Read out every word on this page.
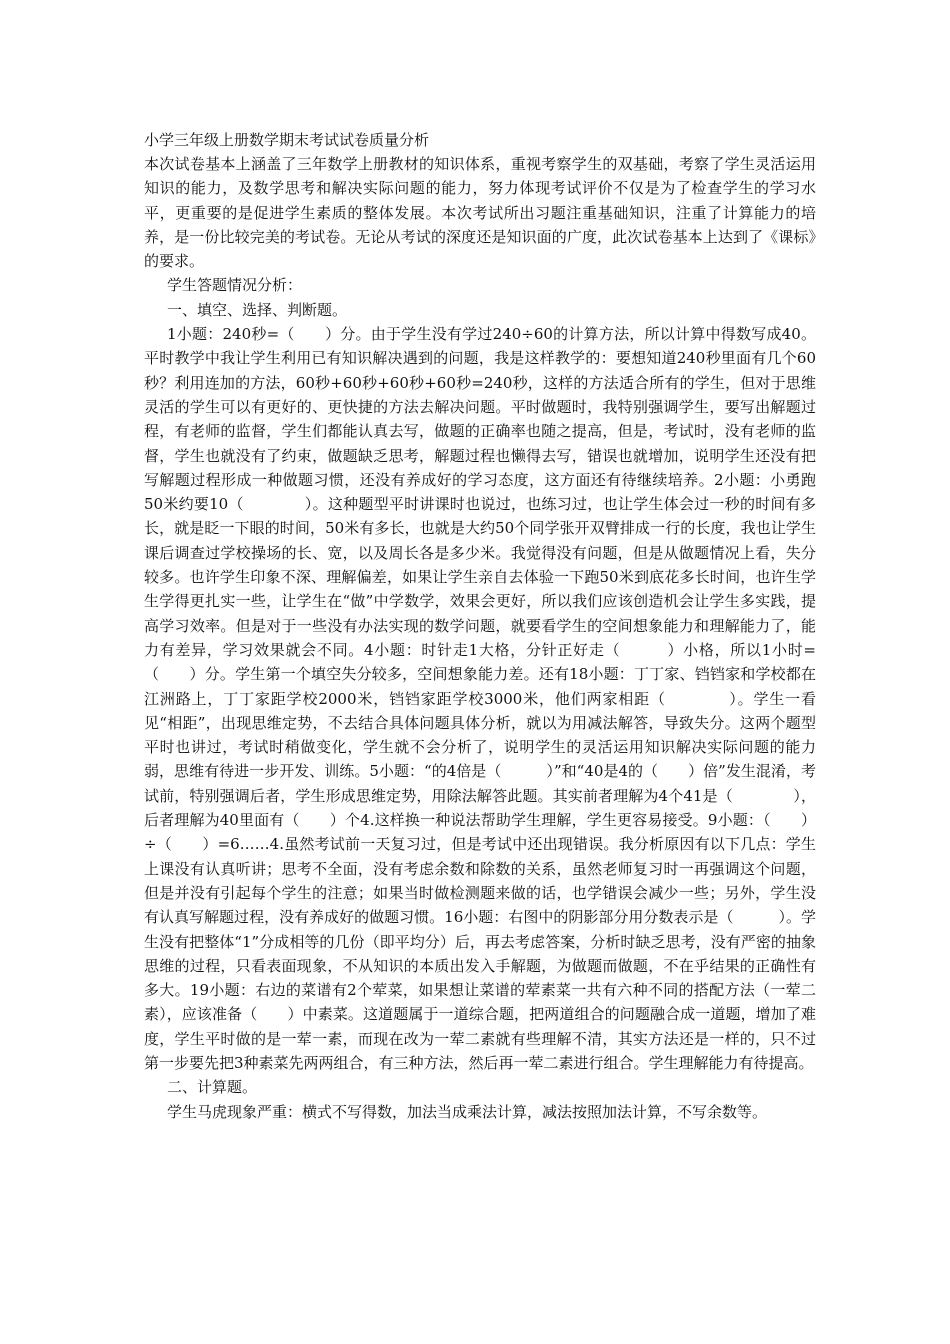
小学三年级上册数学期末考试试卷质量分析

本次试卷基本上涵盖了三年数学上册教材的知识体系，重视考察学生的双基础，考察了学生灵活运用知识的能力，及数学思考和解决实际问题的能力，努力体现考试评价不仅是为了检查学生的学习水平，更重要的是促进学生素质的整体发展。本次考试所出习题注重基础知识，注重了计算能力的培养，是一份比较完美的考试卷。无论从考试的深度还是知识面的广度，此次试卷基本上达到了《课标》的要求。

学生答题情况分析：

一、填空、选择、判断题。

1小题：240秒=（　　）分。由于学生没有学过240÷60的计算方法，所以计算中得数写成40。平时教学中我让学生利用已有知识解决遇到的问题，我是这样教学的：要想知道240秒里面有几个60秒？利用连加的方法，60秒+60秒+60秒+60秒=240秒，这样的方法适合所有的学生，但对于思维灵活的学生可以有更好的、更快捷的方法去解决问题。平时做题时，我特别强调学生，要写出解题过程，有老师的监督，学生们都能认真去写，做题的正确率也随之提高，但是，考试时，没有老师的监督，学生也就没有了约束，做题缺乏思考，解题过程也懒得去写，错误也就增加，说明学生还没有把写解题过程形成一种做题习惯，还没有养成好的学习态度，这方面还有待继续培养。2小题：小勇跑50米约要10（　　　　）。这种题型平时讲课时也说过，也练习过，也让学生体会过一秒的时间有多长，就是眨一下眼的时间，50米有多长，也就是大约50个同学张开双臂排成一行的长度，我也让学生课后调查过学校操场的长、宽，以及周长各是多少米。我觉得没有问题，但是从做题情况上看，失分较多。也许学生印象不深、理解偏差，如果让学生亲自去体验一下跑50米到底花多长时间，也许生学生学得更扎实一些，让学生在“做”中学数学，效果会更好，所以我们应该创造机会让学生多实践，提高学习效率。但是对于一些没有办法实现的数学问题，就要看学生的空间想象能力和理解能力了，能力有差异，学习效果就会不同。4小题：时针走1大格，分针正好走（　　　）小格，所以1小时=（　　）分。学生第一个填空失分较多，空间想象能力差。还有18小题：丁丁家、铛铛家和学校都在江洲路上，丁丁家距学校2000米，铛铛家距学校3000米，他们两家相距（　　　　）。学生一看见“相距”，出现思维定势，不去结合具体问题具体分析，就以为用减法解答，导致失分。这两个题型平时也讲过，考试时稍做变化，学生就不会分析了，说明学生的灵活运用知识解决实际问题的能力弱，思维有待进一步开发、训练。5小题：“的4倍是（　　　）”和“40是4的（　　）倍”发生混淆，考试前，特别强调后者，学生形成思维定势，用除法解答此题。其实前者理解为4个41是（　　　　），后者理解为40里面有（　　）个4.这样换一种说法帮助学生理解，学生更容易接受。9小题：（　　）÷（　　）=6……4.虽然考试前一天复习过，但是考试中还出现错误。我分析原因有以下几点：学生上课没有认真听讲；思考不全面，没有考虑余数和除数的关系，虽然老师复习时一再强调这个问题，但是并没有引起每个学生的注意；如果当时做检测题来做的话，也学错误会减少一些；另外，学生没有认真写解题过程，没有养成好的做题习惯。16小题：右图中的阴影部分用分数表示是（　　　）。学生没有把整体“1”分成相等的几份（即平均分）后，再去考虑答案，分析时缺乏思考，没有严密的抽象思维的过程，只看表面现象，不从知识的本质出发入手解题，为做题而做题，不在乎结果的正确性有多大。19小题：右边的菜谱有2个荤菜，如果想让菜谱的荤素菜一共有六种不同的搭配方法（一荤二素），应该准备（　　）中素菜。这道题属于一道综合题，把两道组合的问题融合成一道题，增加了难度，学生平时做的是一荤一素，而现在改为一荤二素就有些理解不清，其实方法还是一样的，只不过第一步要先把3种素菜先两两组合，有三种方法，然后再一荤二素进行组合。学生理解能力有待提高。

二、计算题。

学生马虎现象严重：横式不写得数，加法当成乘法计算，减法按照加法计算，不写余数等。
